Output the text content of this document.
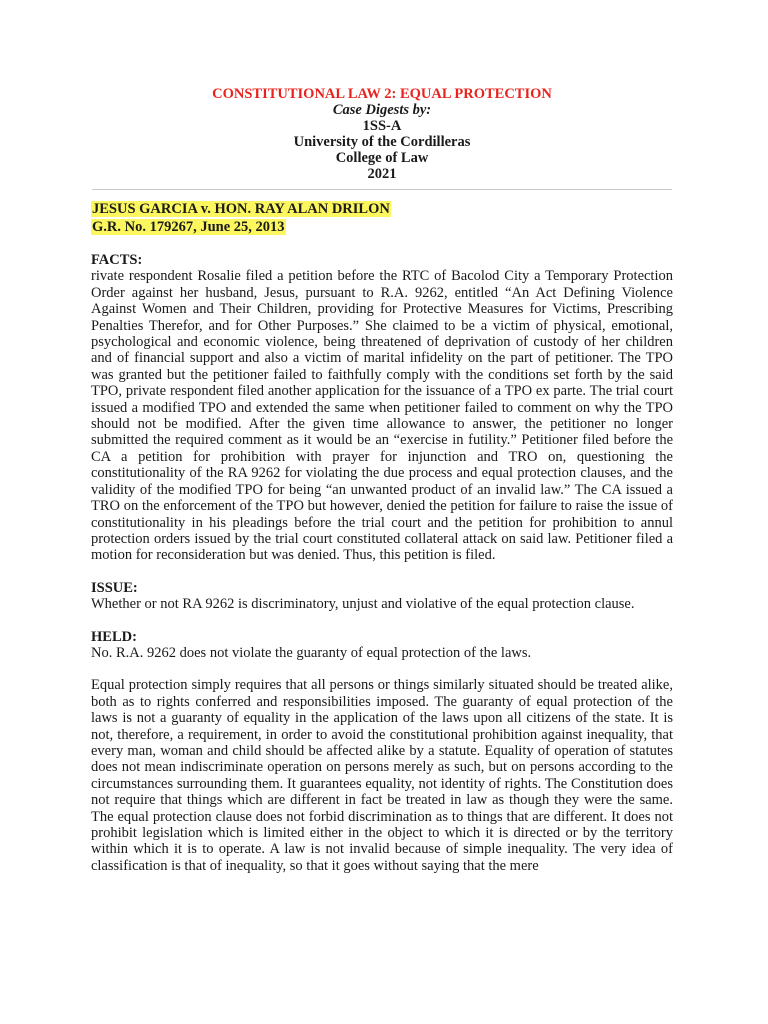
CONSTITUTIONAL LAW 2: EQUAL PROTECTION
Case Digests by:
1SS-A
University of the Cordilleras
College of Law
2021
JESUS GARCIA v. HON. RAY ALAN DRILON
G.R. No. 179267, June 25, 2013
FACTS:

rivate respondent Rosalie filed a petition before the RTC of Bacolod City a Temporary Protection Order against her husband, Jesus, pursuant to R.A. 9262, entitled “An Act Defining Violence Against Women and Their Children, providing for Protective Measures for Victims, Prescribing Penalties Therefor, and for Other Purposes.” She claimed to be a victim of physical, emotional, psychological and economic violence, being threatened of deprivation of custody of her children and of financial support and also a victim of marital infidelity on the part of petitioner. The TPO was granted but the petitioner failed to faithfully comply with the conditions set forth by the said TPO, private respondent filed another application for the issuance of a TPO ex parte. The trial court issued a modified TPO and extended the same when petitioner failed to comment on why the TPO should not be modified. After the given time allowance to answer, the petitioner no longer submitted the required comment as it would be an “exercise in futility.” Petitioner filed before the CA a petition for prohibition with prayer for injunction and TRO on, questioning the constitutionality of the RA 9262 for violating the due process and equal protection clauses, and the validity of the modified TPO for being “an unwanted product of an invalid law.” The CA issued a TRO on the enforcement of the TPO but however, denied the petition for failure to raise the issue of constitutionality in his pleadings before the trial court and the petition for prohibition to annul protection orders issued by the trial court constituted collateral attack on said law. Petitioner filed a motion for reconsideration but was denied. Thus, this petition is filed.

ISSUE:

Whether or not RA 9262 is discriminatory, unjust and violative of the equal protection clause.

HELD:

No. R.A. 9262 does not violate the guaranty of equal protection of the laws.

Equal protection simply requires that all persons or things similarly situated should be treated alike, both as to rights conferred and responsibilities imposed. The guaranty of equal protection of the laws is not a guaranty of equality in the application of the laws upon all citizens of the state. It is not, therefore, a requirement, in order to avoid the constitutional prohibition against inequality, that every man, woman and child should be affected alike by a statute. Equality of operation of statutes does not mean indiscriminate operation on persons merely as such, but on persons according to the circumstances surrounding them. It guarantees equality, not identity of rights. The Constitution does not require that things which are different in fact be treated in law as though they were the same. The equal protection clause does not forbid discrimination as to things that are different. It does not prohibit legislation which is limited either in the object to which it is directed or by the territory within which it is to operate. A law is not invalid because of simple inequality. The very idea of classification is that of inequality, so that it goes without saying that the mere
